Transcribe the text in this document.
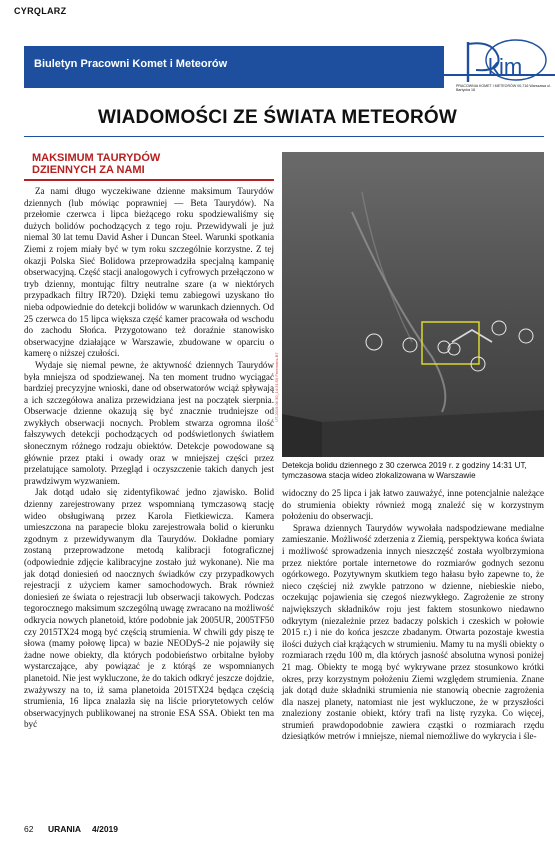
CYRQLARZ
Biuletyn Pracowni Komet i Meteorów	kim
PRACOWNIA KOMET I METEORÓW 00-716 Warszawa ul. Bartycka 18
WIADOMOŚCI ZE ŚWIATA METEORÓW
MAKSIMUM TAURYDÓW
DZIENNYCH ZA NAMI

Za nami długo wyczekiwane dzienne maksimum Taurydów dziennych (lub mówiąc poprawniej — Beta Taurydów). Na przełomie czerwca i lipca bieżącego roku spodziewaliśmy się dużych bolidów pochodzących z tego roju. Przewidywali je już niemal 30 lat temu David Asher i Duncan Steel. Warunki spotkania Ziemi z rojem miały być w tym roku szczególnie korzystne. Z tej okazji Polska Sieć Bolidowa przeprowadziła specjalną kampanię obserwacyjną. Część stacji analogowych i cyfrowych przełączono w tryb dzienny, montując filtry neutralne szare (a w niektórych przypadkach filtry IR720). Dzięki temu zabiegowi uzyskano tło nieba odpowiednie do detekcji bolidów w warunkach dziennych. Od 25 czerwca do 15 lipca większa część kamer pracowała od wschodu do zachodu Słońca. Przygotowano też doraźnie stanowisko obserwacyjne działające w Warszawie, zbudowane w oparciu o kamerę o niższej czułości.

Wydaje się niemal pewne, że aktywność dziennych Taurydów była mniejsza od spodziewanej. Na ten moment trudno wyciągać bardziej precyzyjne wnioski, dane od obserwatorów wciąż spływają a ich szczegółowa analiza przewidziana jest na początek sierpnia. Obserwacje dzienne okazują się być znacznie trudniejsze od zwykłych obserwacji nocnych. Problem stwarza ogromna ilość fałszywych detekcji pochodzących od podświetlonych światłem słonecznym różnego rodzaju obiektów. Detekcje powodowane są głównie przez ptaki i owady oraz w mniejszej części przez przelatujące samoloty. Przegląd i oczyszczenie takich danych jest prawdziwym wyzwaniem.

Jak dotąd udało się zidentyfikować jedno zjawisko. Bolid dzienny zarejestrowany przez wspomnianą tymczasową stację wideo obsługiwaną przez Karola Fietkiewicza. Kamera umieszczona na parapecie bloku zarejestrowała bolid o kierunku zgodnym z przewidywanym dla Taurydów. Dokładne pomiary zostaną przeprowadzone metodą kalibracji fotograficznej (odpowiednie zdjęcie kalibracyjne zostało już wykonane). Nie ma jak dotąd doniesień od naocznych świadków czy przypadkowych rejestracji z użyciem kamer samochodowych. Brak również doniesień ze świata o rejestracji lub obserwacji takowych. Podczas tegorocznego maksimum szczególną uwagę zwracano na możliwość odkrycia nowych planetoid, które podobnie jak 2005UR, 2005TF50 czy 2015TX24 mogą być częścią strumienia. W chwili gdy piszę te słowa (mamy połowę lipca) w bazie NEODyS-2 nie pojawiły się żadne nowe obiekty, dla których podobieństwo orbitalne byłoby wystarczające, aby powiązać je z którąś ze wspomnianych planetoid. Nie jest wykluczone, że do takich odkryć jeszcze dojdzie, zważywszy na to, iż sama planetoida 2015TX24 będąca częścią strumienia, 16 lipca znalazła się na liście priorytetowych celów obserwacyjnych publikowanej na stronie ESA SSA. Obiekt ten ma być

UT-2019.06.30_14:31:59 Freemans-B7
Detekcja bolidu dziennego z 30 czerwca 2019 r. z godziny 14:31 UT, tymczasowa stacja wideo zlokalizowana w Warszawie

widoczny do 25 lipca i jak łatwo zauważyć, inne potencjalnie należące do strumienia obiekty również mogą znaleźć się w korzystnym położeniu do obserwacji.

Sprawa dziennych Taurydów wywołała nadspodziewane medialne zamieszanie. Możliwość zderzenia z Ziemią, perspektywa końca świata i możliwość sprowadzenia innych nieszczęść została wyolbrzymiona przez niektóre portale internetowe do rozmiarów godnych sezonu ogórkowego. Pozytywnym skutkiem tego hałasu było zapewne to, że nieco częściej niż zwykle patrzono w dzienne, niebieskie niebo, oczekując pojawienia się czegoś niezwykłego. Zagrożenie ze strony największych składników roju jest faktem stosunkowo niedawno odkrytym (niezależnie przez badaczy polskich i czeskich w połowie 2015 r.) i nie do końca jeszcze zbadanym. Otwarta pozostaje kwestia ilości dużych ciał krążących w strumieniu. Mamy tu na myśli obiekty o rozmiarach rzędu 100 m, dla których jasność absolutna wynosi poniżej 21 mag. Obiekty te mogą być wykrywane przez stosunkowo krótki okres, przy korzystnym położeniu Ziemi względem strumienia. Znane jak dotąd duże składniki strumienia nie stanowią obecnie zagrożenia dla naszej planety, natomiast nie jest wykluczone, że w przyszłości znaleziony zostanie obiekt, który trafi na listę ryzyka. Co więcej, strumień prawdopodobnie zawiera cząstki o rozmiarach rzędu dziesiątków metrów i mniejsze, niemal niemożliwe do wykrycia i śle-

62 URANIA 4/2019
